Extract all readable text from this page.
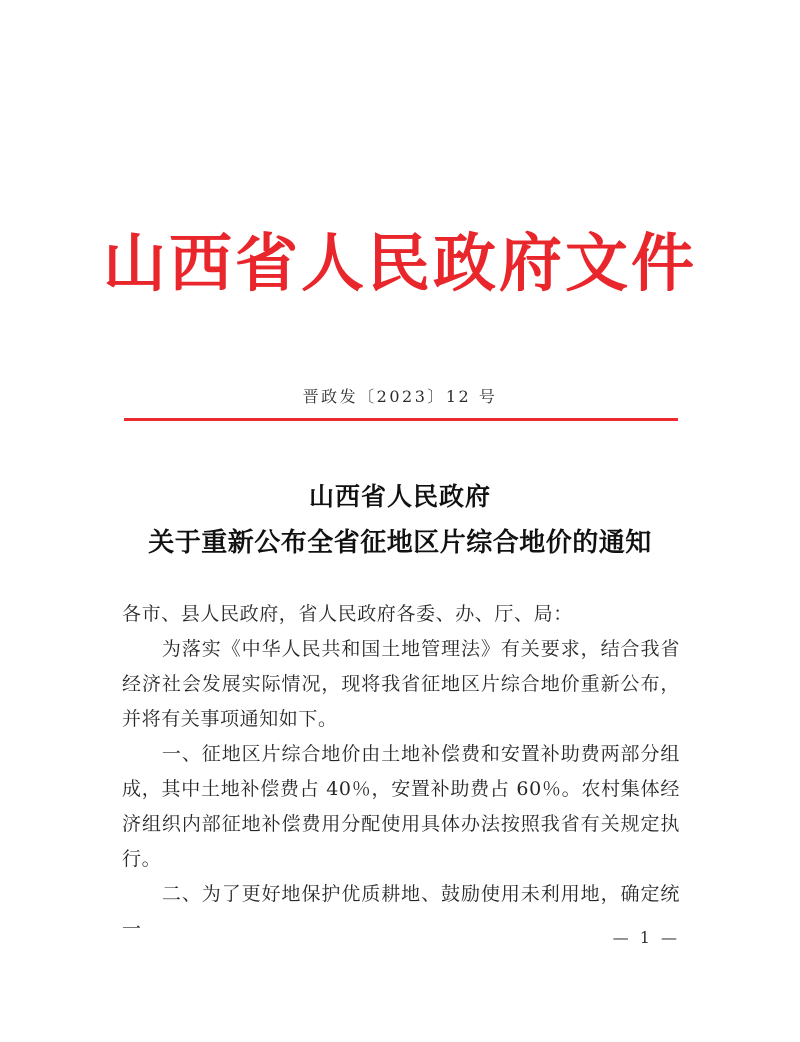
山西省人民政府文件
晋政发〔2023〕12 号
山西省人民政府
关于重新公布全省征地区片综合地价的通知

各市、县人民政府，省人民政府各委、办、厅、局：

为落实《中华人民共和国土地管理法》有关要求，结合我省经济社会发展实际情况，现将我省征地区片综合地价重新公布，并将有关事项通知如下。

一、征地区片综合地价由土地补偿费和安置补助费两部分组成，其中土地补偿费占 40％，安置补助费占 60％。农村集体经济组织内部征地补偿费用分配使用具体办法按照我省有关规定执行。

二、为了更好地保护优质耕地、鼓励使用未利用地，确定统一	— 1 —
